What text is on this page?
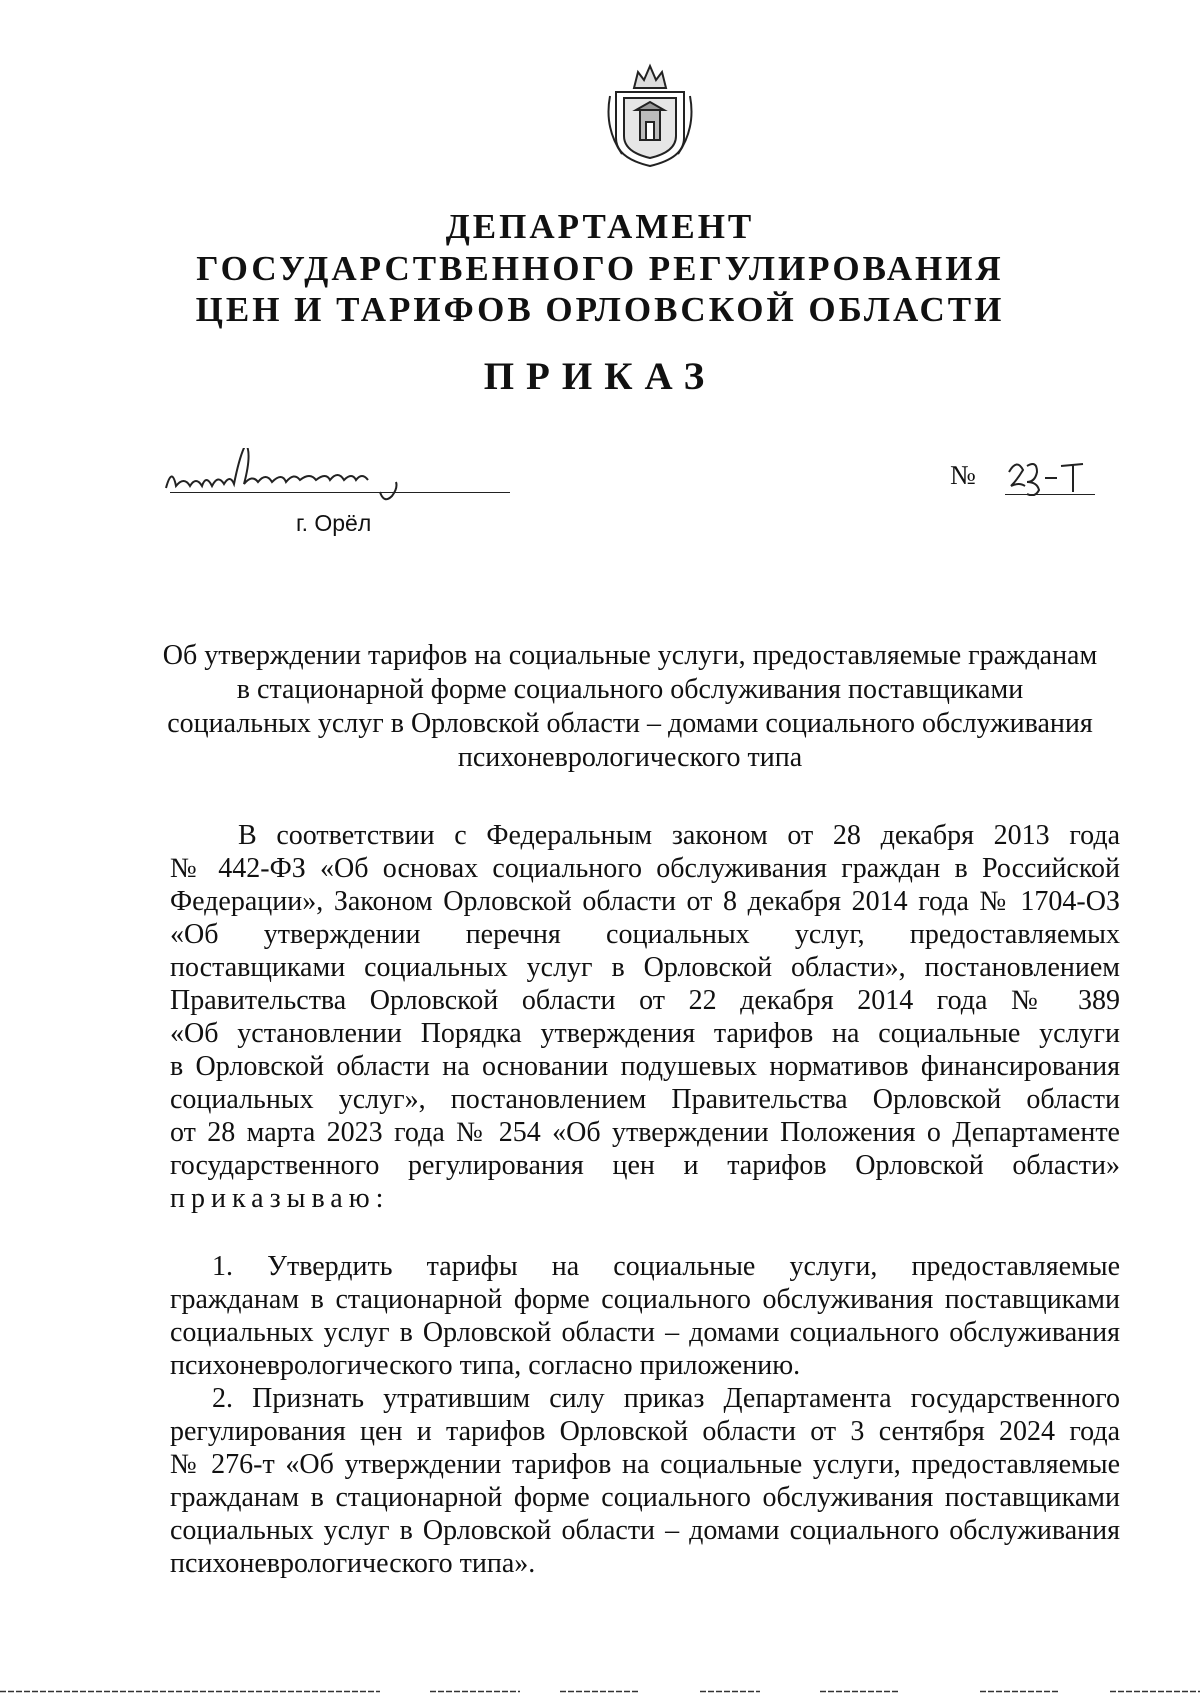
ДЕПАРТАМЕНТ
ГОСУДАРСТВЕННОГО РЕГУЛИРОВАНИЯ
ЦЕН И ТАРИФОВ ОРЛОВСКОЙ ОБЛАСТИ
ПРИКАЗ
г. Орёл
№
Об утверждении тарифов на социальные услуги, предоставляемые гражданам
в стационарной форме социального обслуживания поставщиками
социальных услуг в Орловской области – домами социального обслуживания
психоневрологического типа
В соответствии с Федеральным законом от 28 декабря 2013 года
№ 442-ФЗ «Об основах социального обслуживания граждан в Российской
Федерации», Законом Орловской области от 8 декабря 2014 года № 1704-ОЗ
«Об утверждении перечня социальных услуг, предоставляемых
поставщиками социальных услуг в Орловской области», постановлением
Правительства Орловской области от 22 декабря 2014 года № 389
«Об установлении Порядка утверждения тарифов на социальные услуги
в Орловской области на основании подушевых нормативов финансирования
социальных услуг», постановлением Правительства Орловской области
от 28 марта 2023 года № 254 «Об утверждении Положения о Департаменте
государственного регулирования цен и тарифов Орловской области»
приказываю:
1. Утвердить тарифы на социальные услуги, предоставляемые
гражданам в стационарной форме социального обслуживания поставщиками
социальных услуг в Орловской области – домами социального обслуживания
психоневрологического типа, согласно приложению.
2. Признать утратившим силу приказ Департамента государственного
регулирования цен и тарифов Орловской области от 3 сентября 2024 года
№ 276-т «Об утверждении тарифов на социальные услуги, предоставляемые
гражданам в стационарной форме социального обслуживания поставщиками
социальных услуг в Орловской области – домами социального обслуживания
психоневрологического типа».
